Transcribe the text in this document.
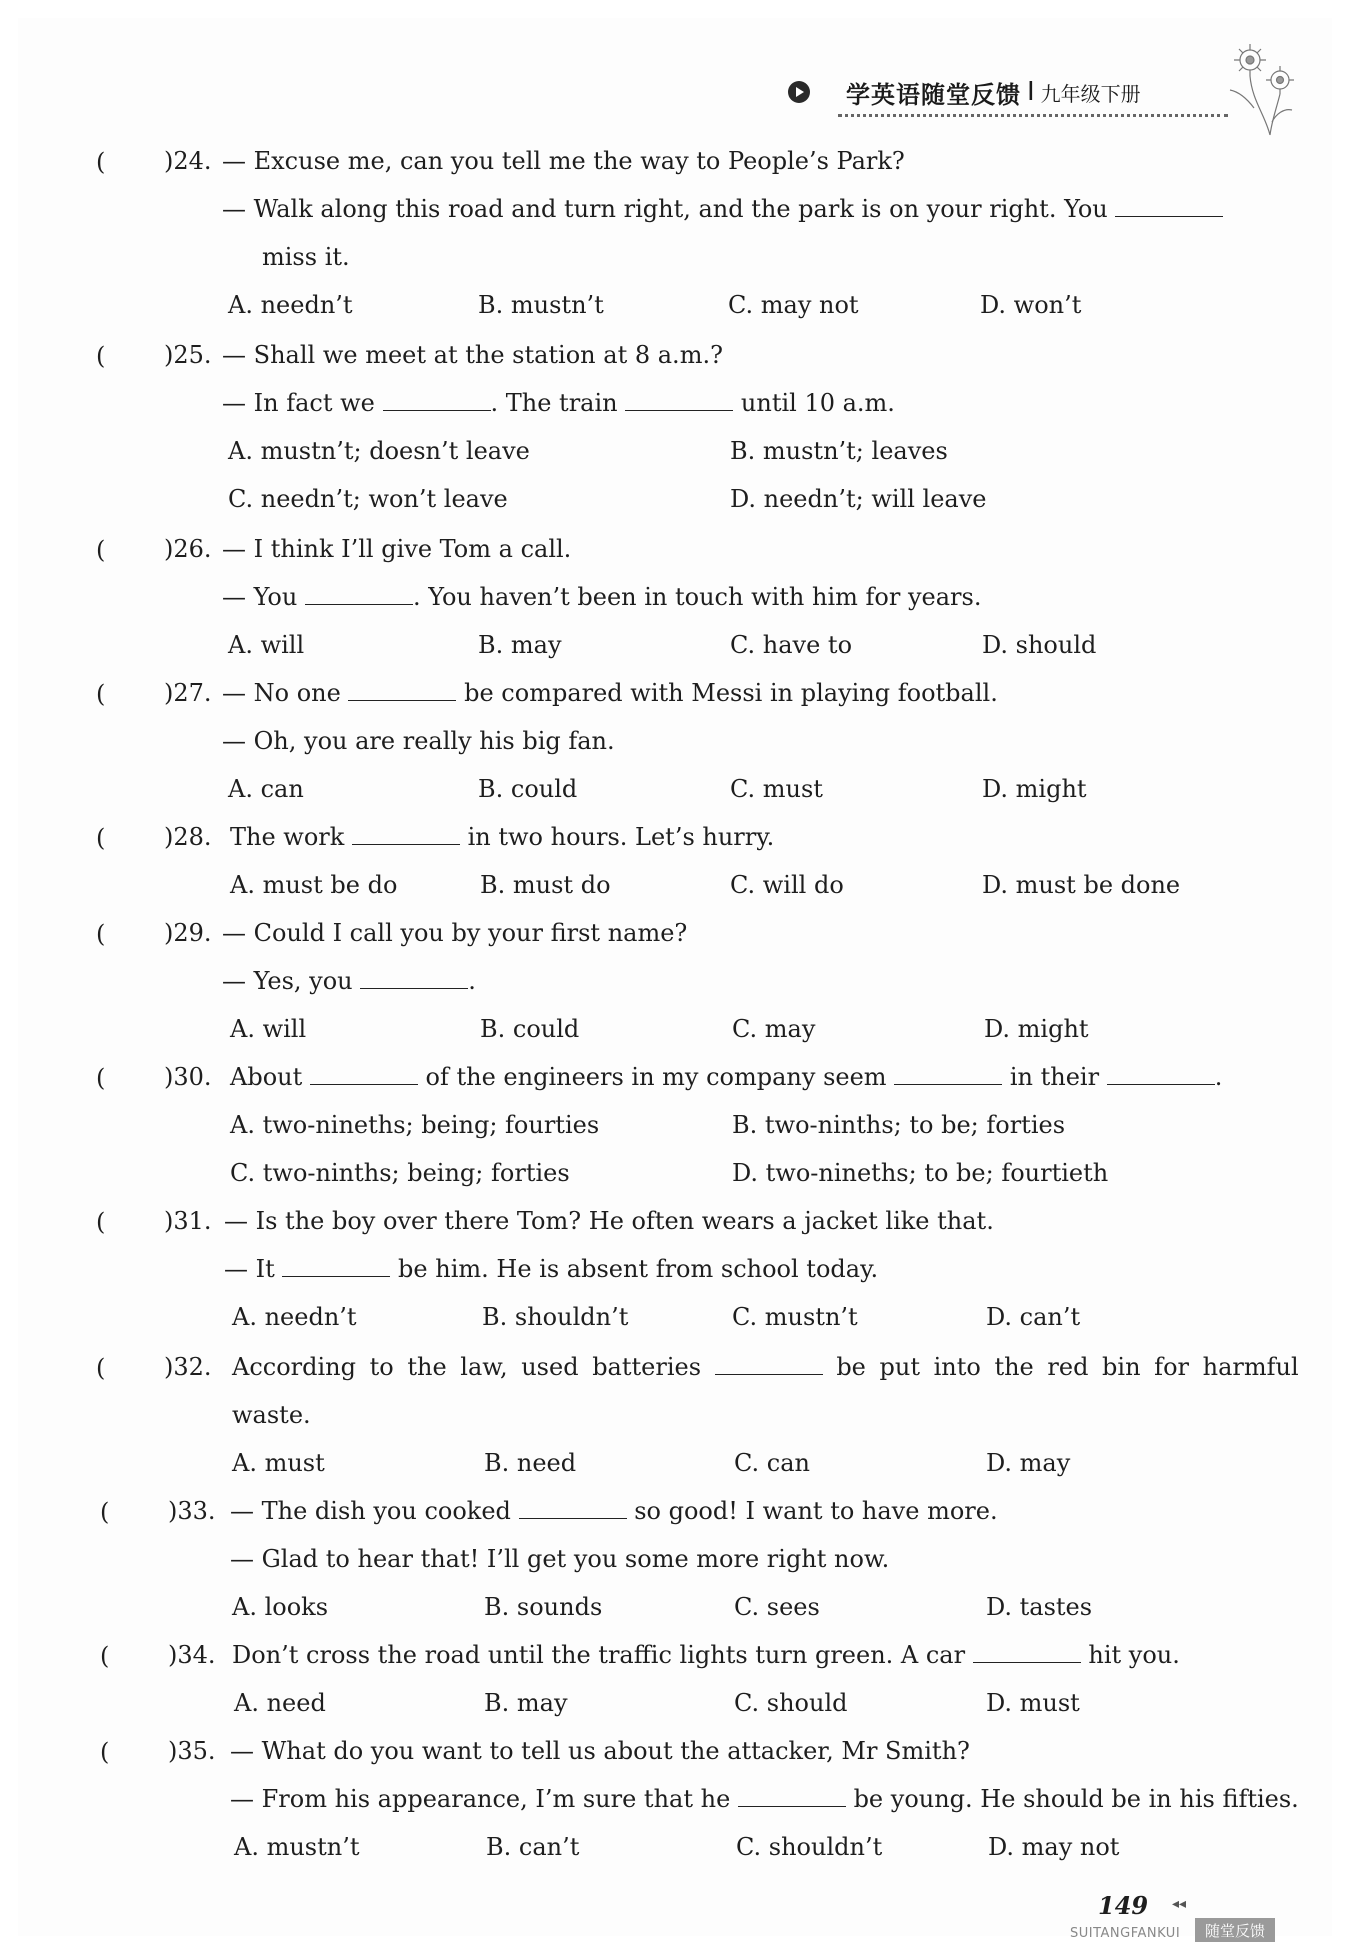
学英语随堂反馈 I 九年级下册
( )24. — Excuse me, can you tell me the way to People’s Park?
— Walk along this road and turn right, and the park is on your right. You
miss it.
A. needn’t	B. mustn’t	C. may not	D. won’t
( )25. — Shall we meet at the station at 8 a.m.?
— In fact we	. The train	until 10 a.m.
A. mustn’t; doesn’t leave	B. mustn’t; leaves
C. needn’t; won’t leave	D. needn’t; will leave
( )26. — I think I’ll give Tom a call.
— You	. You haven’t been in touch with him for years.
A. will	B. may	C. have to	D. should
( )27. — No one	be compared with Messi in playing football.
— Oh, you are really his big fan.
A. can	B. could	C. must	D. might
( )28. The work	in two hours. Let’s hurry.
A. must be do	B. must do	C. will do	D. must be done
( )29. — Could I call you by your first name?
— Yes, you	.
A. will	B. could	C. may	D. might
( )30. About	of the engineers in my company seem	in their	.
A. two-nineths; being; fourties	B. two-ninths; to be; forties
C. two-ninths; being; forties	D. two-nineths; to be; fourtieth
( )31. — Is the boy over there Tom? He often wears a jacket like that.
— It	be him. He is absent from school today.
A. needn’t	B. shouldn’t	C. mustn’t	D. can’t
( )32. According to the law, used batteries	be put into the red bin for harmful
waste.
A. must	B. need	C. can	D. may
( )33. — The dish you cooked	so good! I want to have more.
— Glad to hear that! I’ll get you some more right now.
A. looks	B. sounds	C. sees	D. tastes
( )34. Don’t cross the road until the traffic lights turn green. A car	hit you.
A. need	B. may	C. should	D. must
( )35. — What do you want to tell us about the attacker, Mr Smith?
— From his appearance, I’m sure that he	be young. He should be in his fifties.
A. mustn’t	B. can’t	C. shouldn’t	D. may not
149 ◂◂
SUITANGFANKUI	随堂反馈
